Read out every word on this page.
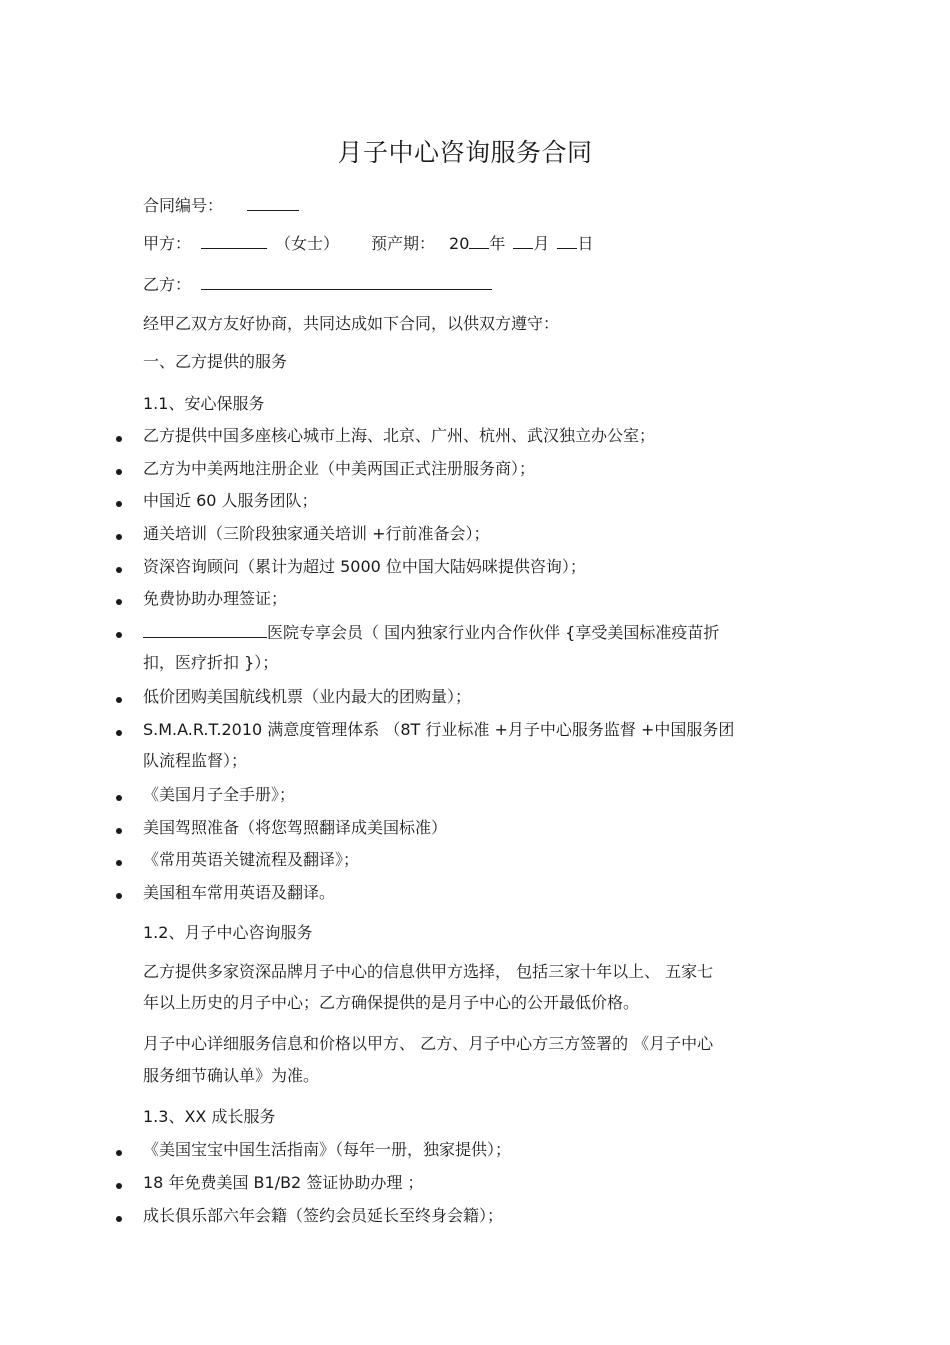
月子中心咨询服务合同
合同编号：
甲方：	（女士） 预产期： 20 年 月 日
乙方：
经甲乙双方友好协商，共同达成如下合同，以供双方遵守：
一、乙方提供的服务
1.1、安心保服务
乙方提供中国多座核心城市上海、北京、广州、杭州、武汉独立办公室；
乙方为中美两地注册企业（中美两国正式注册服务商）；
中国近 60 人服务团队；
通关培训（三阶段独家通关培训 +行前准备会）；
资深咨询顾问（累计为超过 5000 位中国大陆妈咪提供咨询）；
免费协助办理签证；
医院专享会员（ 国内独家行业内合作伙伴 {享受美国标准疫苗折
扣，医疗折扣 }）；
低价团购美国航线机票（业内最大的团购量）；
S.M.A.R.T.2010 满意度管理体系 （8T 行业标准 +月子中心服务监督 +中国服务团
队流程监督）；
《美国月子全手册》；
美国驾照准备（将您驾照翻译成美国标准）
《常用英语关键流程及翻译》；
美国租车常用英语及翻译。
1.2、月子中心咨询服务
乙方提供多家资深品牌月子中心的信息供甲方选择， 包括三家十年以上、 五家七
年以上历史的月子中心；乙方确保提供的是月子中心的公开最低价格。
月子中心详细服务信息和价格以甲方、 乙方、月子中心方三方签署的 《月子中心
服务细节确认单》为准。
1.3、XX 成长服务
《美国宝宝中国生活指南》（每年一册，独家提供）；
18 年免费美国 B1/B2 签证协助办理 ；
成长俱乐部六年会籍（签约会员延长至终身会籍）；
